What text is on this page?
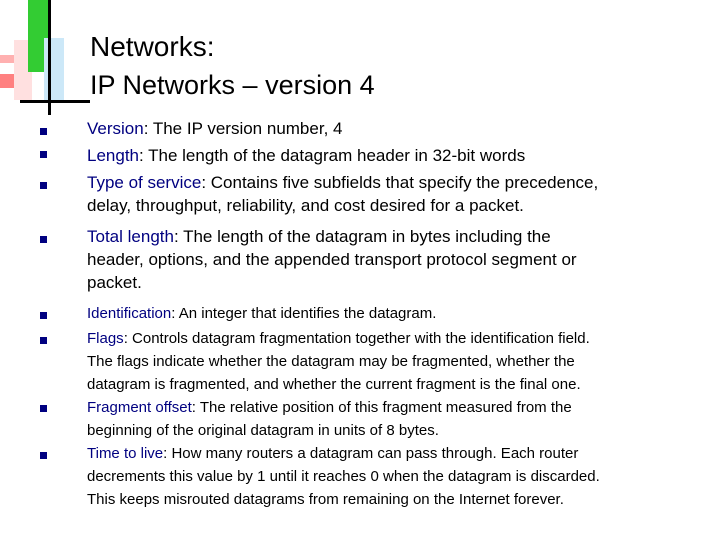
Networks:
IP Networks – version 4
Version: The IP version number, 4
Length: The length of the datagram header in 32-bit words
Type of service: Contains five subfields that specify the precedence,
delay, throughput, reliability, and cost desired for a packet.
Total length: The length of the datagram in bytes including the
header, options, and the appended transport protocol segment or
packet.
Identification: An integer that identifies the datagram.
Flags: Controls datagram fragmentation together with the identification field.
The flags indicate whether the datagram may be fragmented, whether the
datagram is fragmented, and whether the current fragment is the final one.
Fragment offset: The relative position of this fragment measured from the
beginning of the original datagram in units of 8 bytes.
Time to live: How many routers a datagram can pass through. Each router
decrements this value by 1 until it reaches 0 when the datagram is discarded.
This keeps misrouted datagrams from remaining on the Internet forever.
